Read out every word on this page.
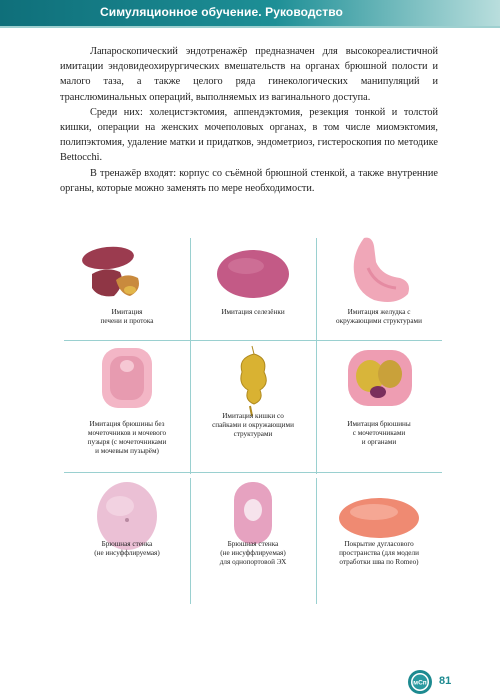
Симуляционное обучение. Руководство

Лапароскопический эндотренажёр предназначен для высокореалистичной имитации эндовидеохирургических вмешательств на органах брюшной полости и малого таза, а также целого ряда гинекологических манипуляций и транслюминальных операций, выполняемых из вагинального доступа.

Среди них: холецистэктомия, аппендэктомия, резекция тонкой и толстой кишки, операции на женских мочеполовых органах, в том числе миомэктомия, полипэктомия, удаление матки и придатков, эндометриоз, гистероскопия по методике Bettocchi.

В тренажёр входят: корпус со съёмной брюшной стенкой, а также внутренние органы, которые можно заменять по мере необходимости.

Имитация
печени и протока
Имитация селезёнки	Имитация желудка с
окружающими структурами
Имитация брюшины без
мочеточников и мочевого
пузыря (с мочеточниками
и мочевым пузырём)
Имитация кишки со
спайками и окружающими
структурами
Имитация брюшины
с мочеточниками
и органами
Брюшная стенка
(не инсуффлируемая)
Брюшная стенка
(не инсуффлируемая)
для однопортовой ЭХ
Покрытие дугласового
пространства (для модели
отработки шва по Romeo)
мСп 81
